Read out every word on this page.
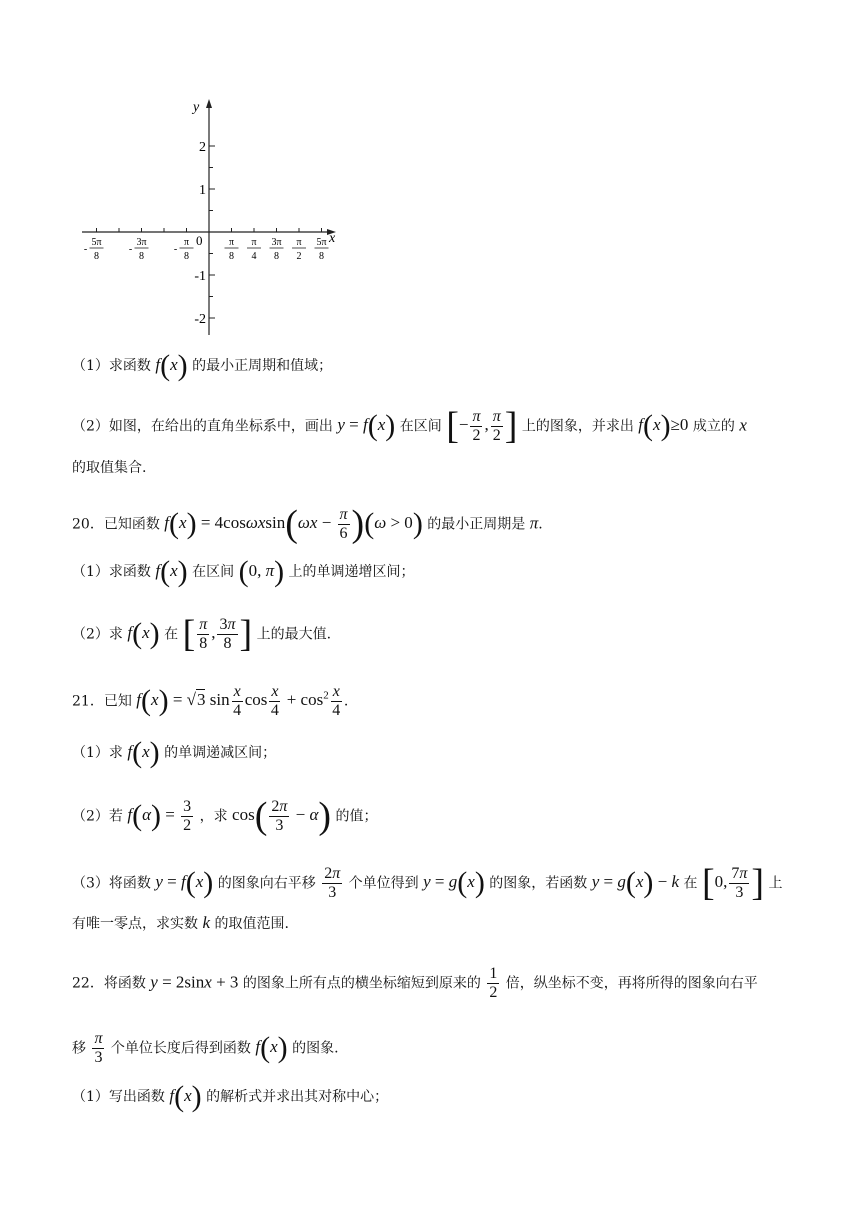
y
x
0
2
1
-1
-2
5π
8
-
3π
8
-
π
8
-
π
8
π
4
3π
8
π
2
5π
8
（1）求函数 f(x) 的最小正周期和值域；
（2）如图，在给出的直角坐标系中，画出 y = f(x) 在区间 [− $\frac{\pi}{2}$ , $\frac{\pi}{2}$ ] 上的图象，并求出 f(x)≥0 成立的 x
的取值集合.
20．已知函数 $f(x) = 4\cos\omega xsin(\omega x - \frac{\pi}{6} )(\omega > 0)$ 的最小正周期是 π.
（1）求函数 f(x) 在区间 (0, π) 上的单调递增区间；
（2）求 f(x) 在 [ $\frac{\pi}{8}$ , $\frac{3\pi}{8}$ ] 上的最大值.
21．已知 f(x) = √3 $\sin \frac{x}{4}$ $\cos \frac{x}{4} + \cos^2 \frac{x}{4}$ .
（1）求 f(x) 的单调递减区间；
（2）若 $f(\alpha) = \frac{3}{2}$ ，求 $\cos( \frac{2\pi}{3} - \alpha)$ 的值；
（3）将函数 y = f(x) 的图象向右平移 $\frac{2\pi}{3}$ 个单位得到 y = g(x) 的图象，若函数 y = g(x) − k 在 [0, $\frac{7\pi}{3}$ ] 上
有唯一零点，求实数 k 的取值范围.
22．将函数 y = 2sinx + 3 的图象上所有点的横坐标缩短到原来的 $\frac{1}{2}$ 倍，纵坐标不变，再将所得的图象向右平
移 $\frac{\pi}{3}$ 个单位长度后得到函数 f(x) 的图象.
（1）写出函数 f(x) 的解析式并求出其对称中心；
